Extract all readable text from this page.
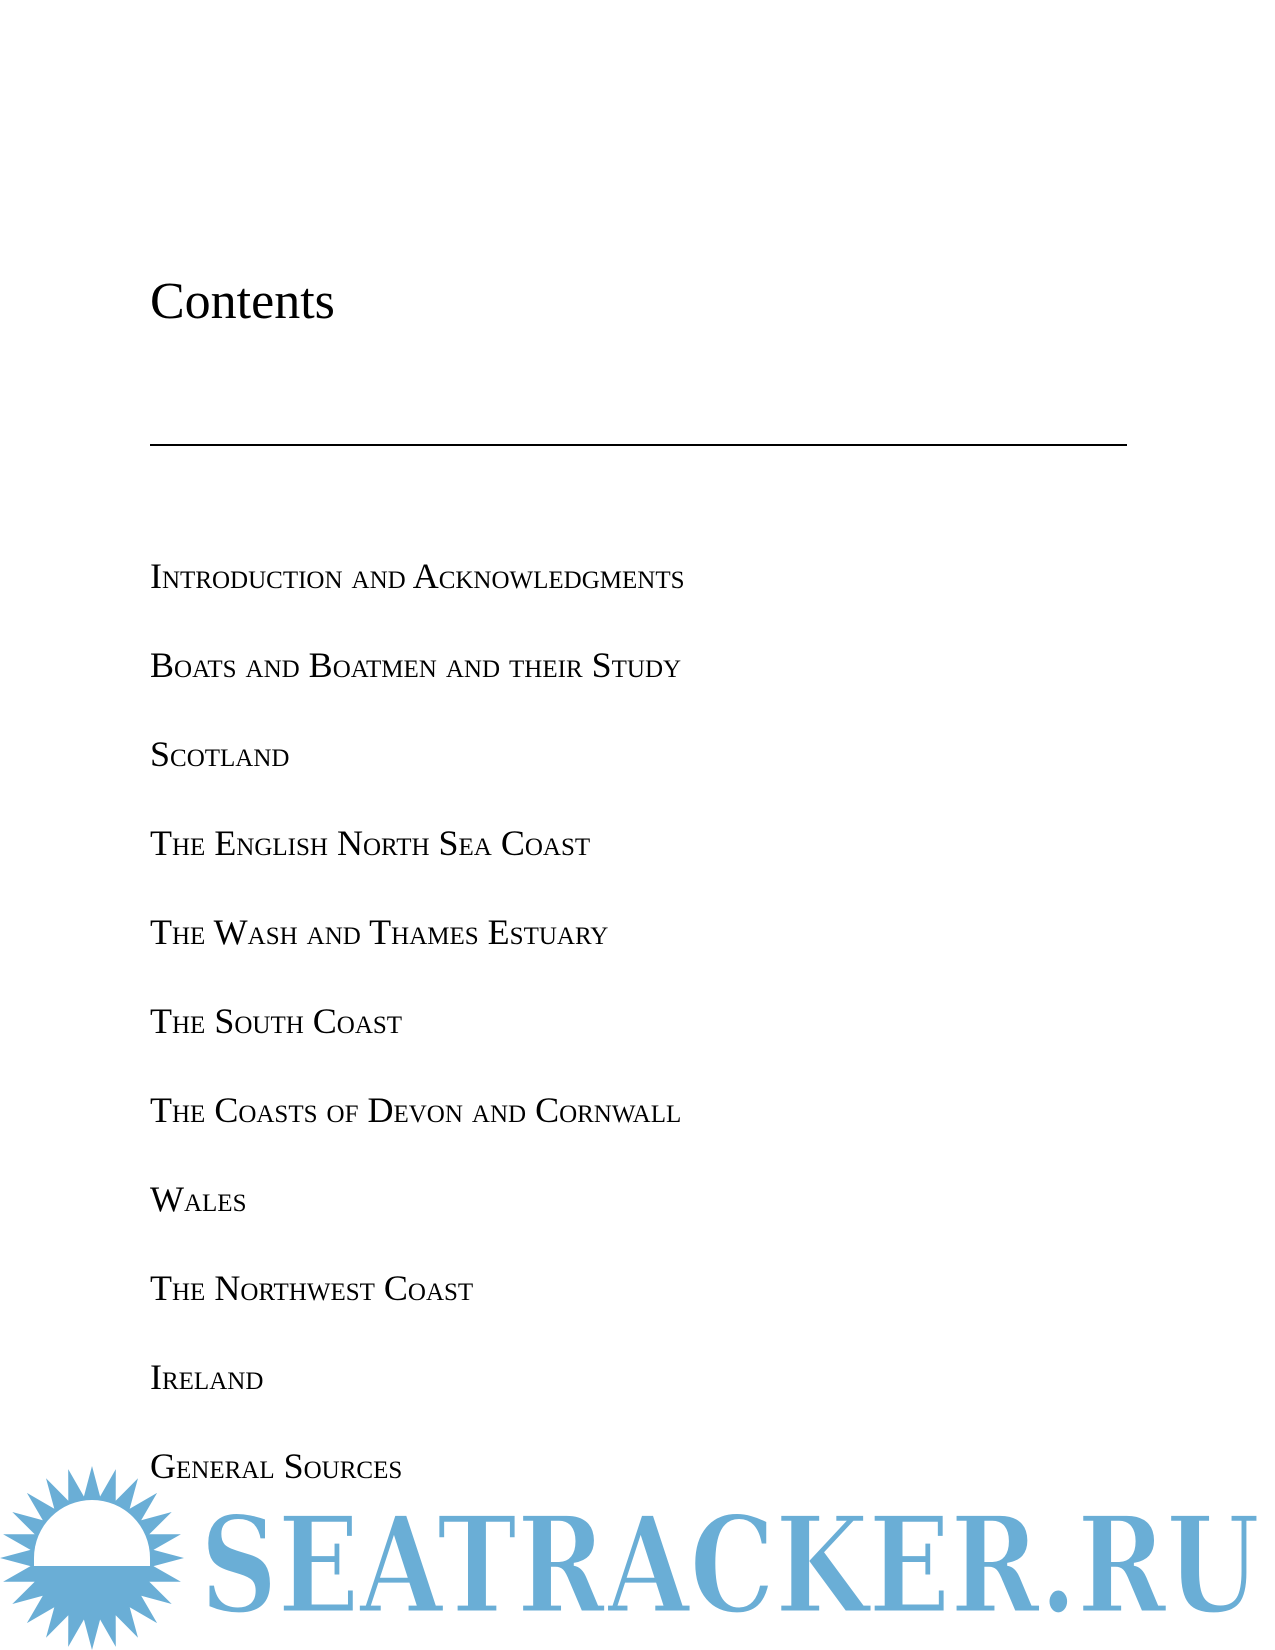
Contents
Introduction and Acknowledgments
Boats and Boatmen and their Study
Scotland
The English North Sea Coast
The Wash and Thames Estuary
The South Coast
The Coasts of Devon and Cornwall
Wales
The Northwest Coast
Ireland
General Sources
SEATRACKER.RU
